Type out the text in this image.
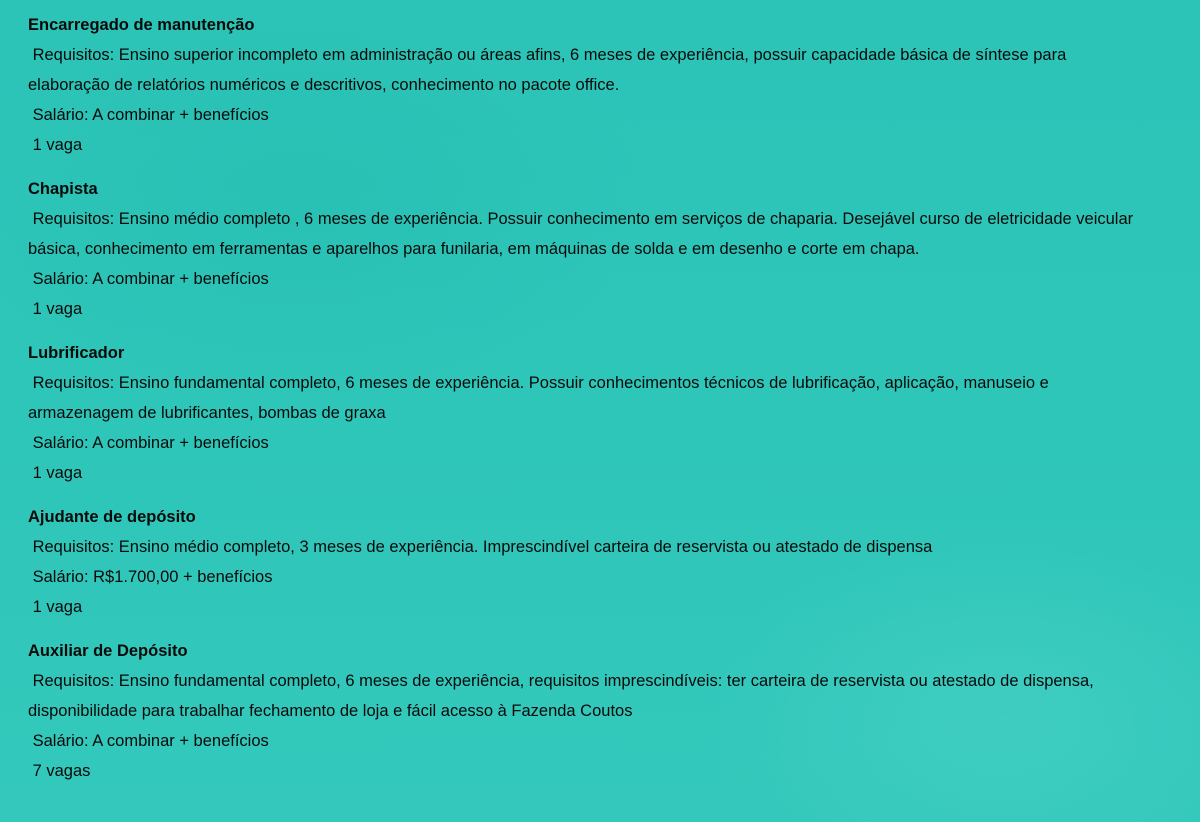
Encarregado de manutenção

Requisitos: Ensino superior incompleto em administração ou áreas afins, 6 meses de experiência, possuir capacidade básica de síntese para elaboração de relatórios numéricos e descritivos, conhecimento no pacote office.

Salário: A combinar + benefícios

1 vaga

Chapista

Requisitos: Ensino médio completo , 6 meses de experiência. Possuir conhecimento em serviços de chaparia. Desejável curso de eletricidade veicular básica, conhecimento em ferramentas e aparelhos para funilaria, em máquinas de solda e em desenho e corte em chapa.

Salário: A combinar + benefícios

1 vaga

Lubrificador

Requisitos: Ensino fundamental completo, 6 meses de experiência. Possuir conhecimentos técnicos de lubrificação, aplicação, manuseio e armazenagem de lubrificantes, bombas de graxa

Salário: A combinar + benefícios

1 vaga

Ajudante de depósito

Requisitos: Ensino médio completo, 3 meses de experiência. Imprescindível carteira de reservista ou atestado de dispensa

Salário: R$1.700,00 + benefícios

1 vaga

Auxiliar de Depósito

Requisitos: Ensino fundamental completo, 6 meses de experiência, requisitos imprescindíveis: ter carteira de reservista ou atestado de dispensa, disponibilidade para trabalhar fechamento de loja e fácil acesso à Fazenda Coutos

Salário: A combinar + benefícios

7 vagas
